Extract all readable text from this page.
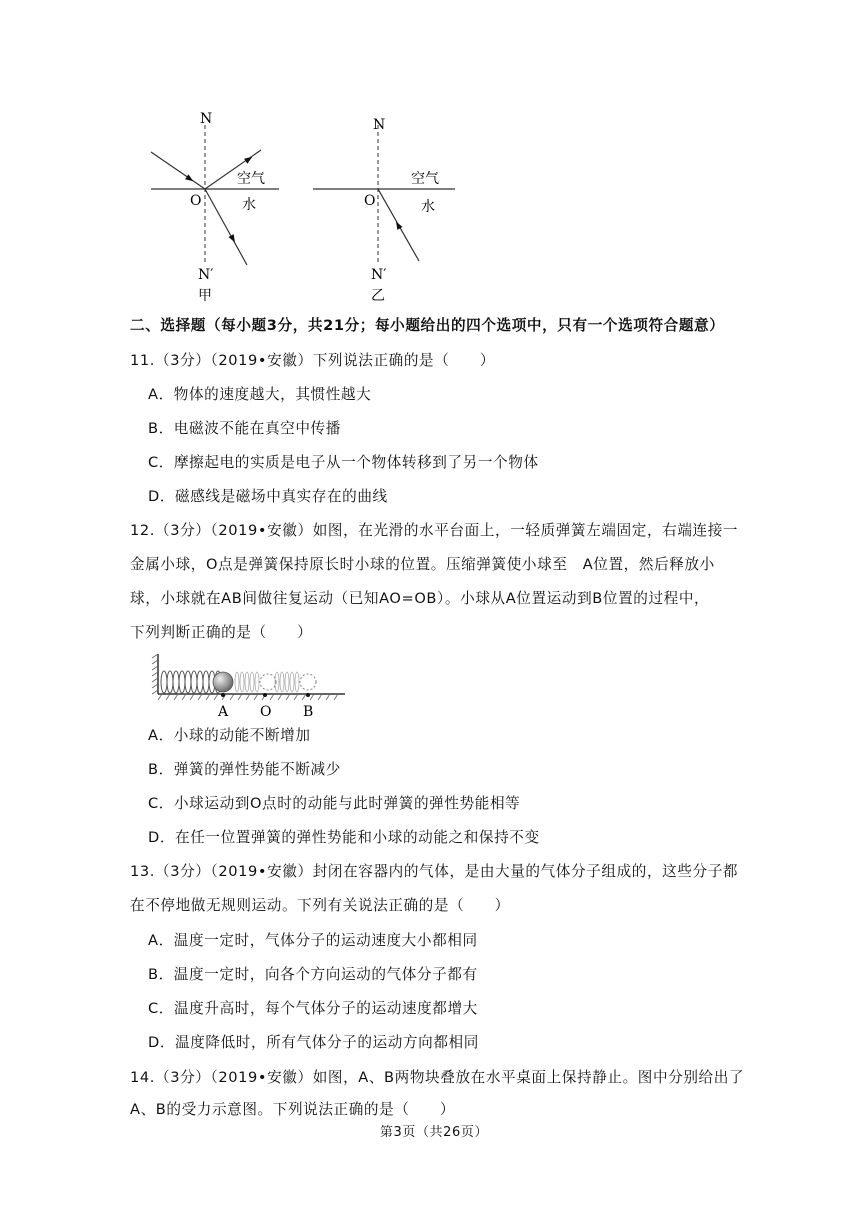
N
O
空气
水
N′
甲
N
O
空气
水
N′
乙
二、选择题（每小题3分，共21分；每小题给出的四个选项中，只有一个选项符合题意）
11.（3分）（2019•安徽）下列说法正确的是（　　）
A．物体的速度越大，其惯性越大
B．电磁波不能在真空中传播
C．摩擦起电的实质是电子从一个物体转移到了另一个物体
D．磁感线是磁场中真实存在的曲线
12.（3分）（2019•安徽）如图，在光滑的水平台面上，一轻质弹簧左端固定，右端连接一
金属小球，O点是弹簧保持原长时小球的位置。压缩弹簧使小球至　A位置，然后释放小
球，小球就在AB间做往复运动（已知AO=OB）。小球从A位置运动到B位置的过程中，
下列判断正确的是（　　）
A O B
A．小球的动能不断增加
B．弹簧的弹性势能不断减少
C．小球运动到O点时的动能与此时弹簧的弹性势能相等
D．在任一位置弹簧的弹性势能和小球的动能之和保持不变
13.（3分）（2019•安徽）封闭在容器内的气体，是由大量的气体分子组成的，这些分子都
在不停地做无规则运动。下列有关说法正确的是（　　）
A．温度一定时，气体分子的运动速度大小都相同
B．温度一定时，向各个方向运动的气体分子都有
C．温度升高时，每个气体分子的运动速度都增大
D．温度降低时，所有气体分子的运动方向都相同
14.（3分）（2019•安徽）如图，A、B两物块叠放在水平桌面上保持静止。图中分别给出了
A、B的受力示意图。下列说法正确的是（　　）
第3页（共26页）
